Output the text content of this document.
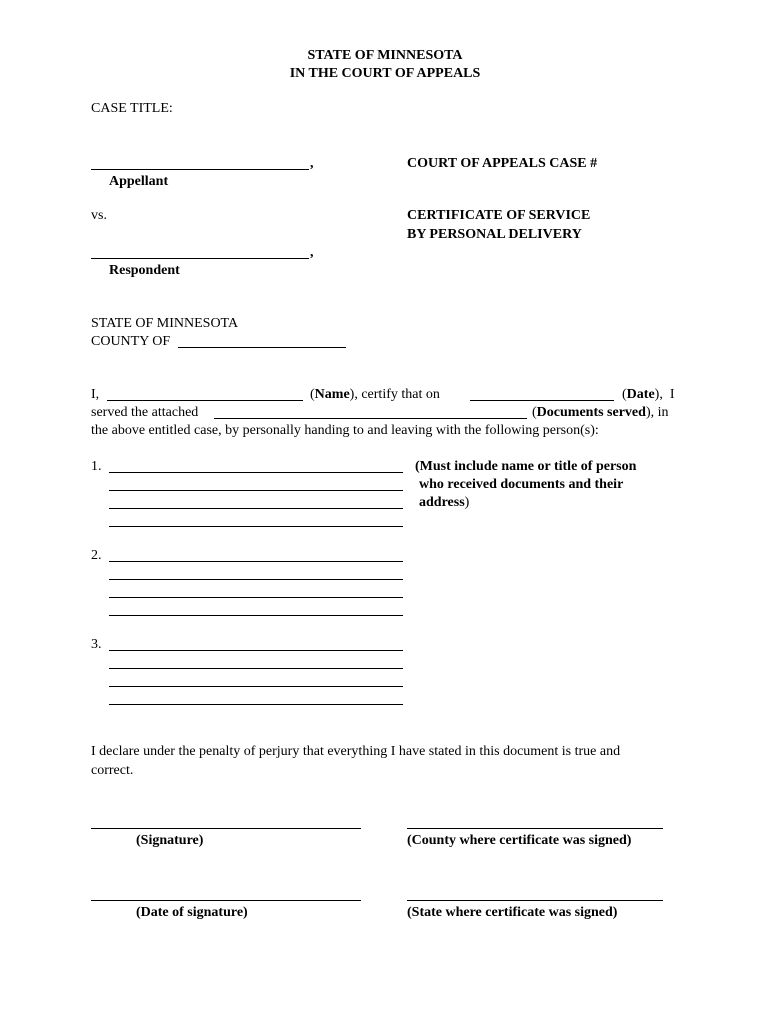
STATE OF MINNESOTA
IN THE COURT OF APPEALS
CASE TITLE:
,
Appellant
vs.
,
Respondent
COURT OF APPEALS CASE #
CERTIFICATE OF SERVICE
BY PERSONAL DELIVERY
STATE OF MINNESOTA
COUNTY OF
I,	(Name), certify that on	(Date),  I
served the attached	(Documents served), in
the above entitled case, by personally handing to and leaving with the following person(s):
1.	(Must include name or title of person
who received documents and their
address)
2.
3.
I declare under the penalty of perjury that everything I have stated in this document is true and
correct.
(Signature)	(County where certificate was signed)
(Date of signature)	(State where certificate was signed)
